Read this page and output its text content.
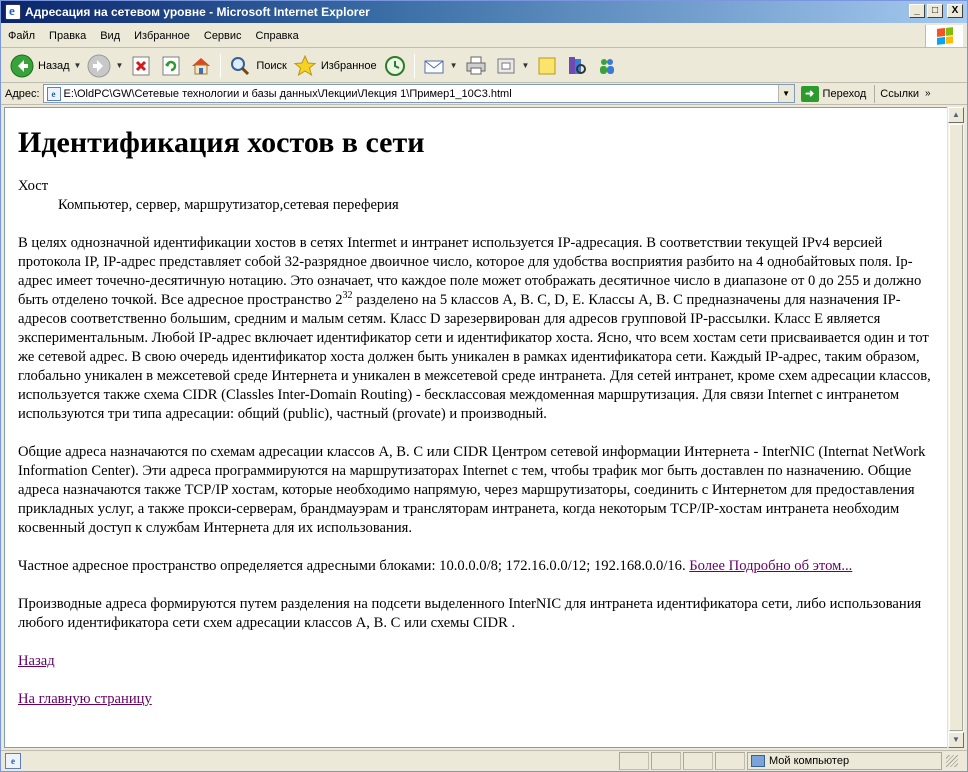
e
Адресация на сетевом уровне - Microsoft Internet Explorer	_	□	X
Файл	Правка	Вид	Избранное	Сервис	Справка
Назад ▼	▼	Поиск	Избранное	▼	▼
Адрес:	e E:\OldPC\GW\Сетевые технологии и базы данных\Лекции\Лекция 1\Пример1_10C3.html	▼	➜ Переход Ссылки »
Идентификация хостов в сети
Хост
Компьютер, сервер, маршрутизатор,сетевая переферия

В целях однозначной идентификации хостов в сетях Intermet и интранет используется IP-адресация. В соответствии текущей IPv4 версией протокола IP, IP-адрес представляет собой 32-разрядное двоичное число, которое для удобства восприятия разбито на 4 однобайтовых поля. Ip-адрес имеет точечно-десятичную нотацию. Это означает, что каждое поле может отображать десятичное число в диапазоне от 0 до 255 и должно быть отделено точкой. Все адресное пространство $2^{32}$ разделено на 5 классов А, В. С, D, E. Классы А, В. С предназначены для назначения IP-адресов соответственно большим, средним и малым сетям. Класс D зарезервирован для адресов групповой IP-рассылки. Класс Е является экспериментальным. Любой IP-адрес включает идентификатор сети и идентификатор хоста. Ясно, что всем хостам сети присваивается один и тот же сетевой адрес. В свою очередь идентификатор хоста должен быть уникален в рамках идентификатора сети. Каждый IP-адрес, таким образом, глобально уникален в межсетевой среде Интернета и уникален в межсетевой среде интранета. Для сетей интранет, кроме схем адресации классов, используется также схема CIDR (Classles Inter-Domain Routing) - бесклассовая междоменная маршрутизация. Для связи Internet с интранетом используются три типа адресации: общий (public), частный (provate) и производный.

Общие адреса назначаются по схемам адресации классов А, В. С или CIDR Центром сетевой информации Интернета - InterNIC (Internat NetWork Information Center). Эти адреса программируются на маршрутизаторах Internet с тем, чтобы трафик мог быть доставлен по назначению. Общие адреса назначаются также TCP/IP хостам, которые необходимо напрямую, через маршрутизаторы, соединить с Интернетом для предоставления прикладных услуг, а также прокси-серверам, брандмауэрам и трансляторам интранета, когда некоторым TCP/IP-хостам интранета необходим косвенный доступ к службам Интернета для их использования.

Частное адресное пространство определяется адресными блоками: 10.0.0.0/8; 172.16.0.0/12; 192.168.0.0/16. Более Подробно об этом...

Производные адреса формируются путем разделения на подсети выделенного InterNIC для интранета идентификатора сети, либо использования любого идентификатора сети схем адресации классов А, В. С или схемы CIDR .

Назад

На главную страницу

▲
▼
e	Мой компьютер
